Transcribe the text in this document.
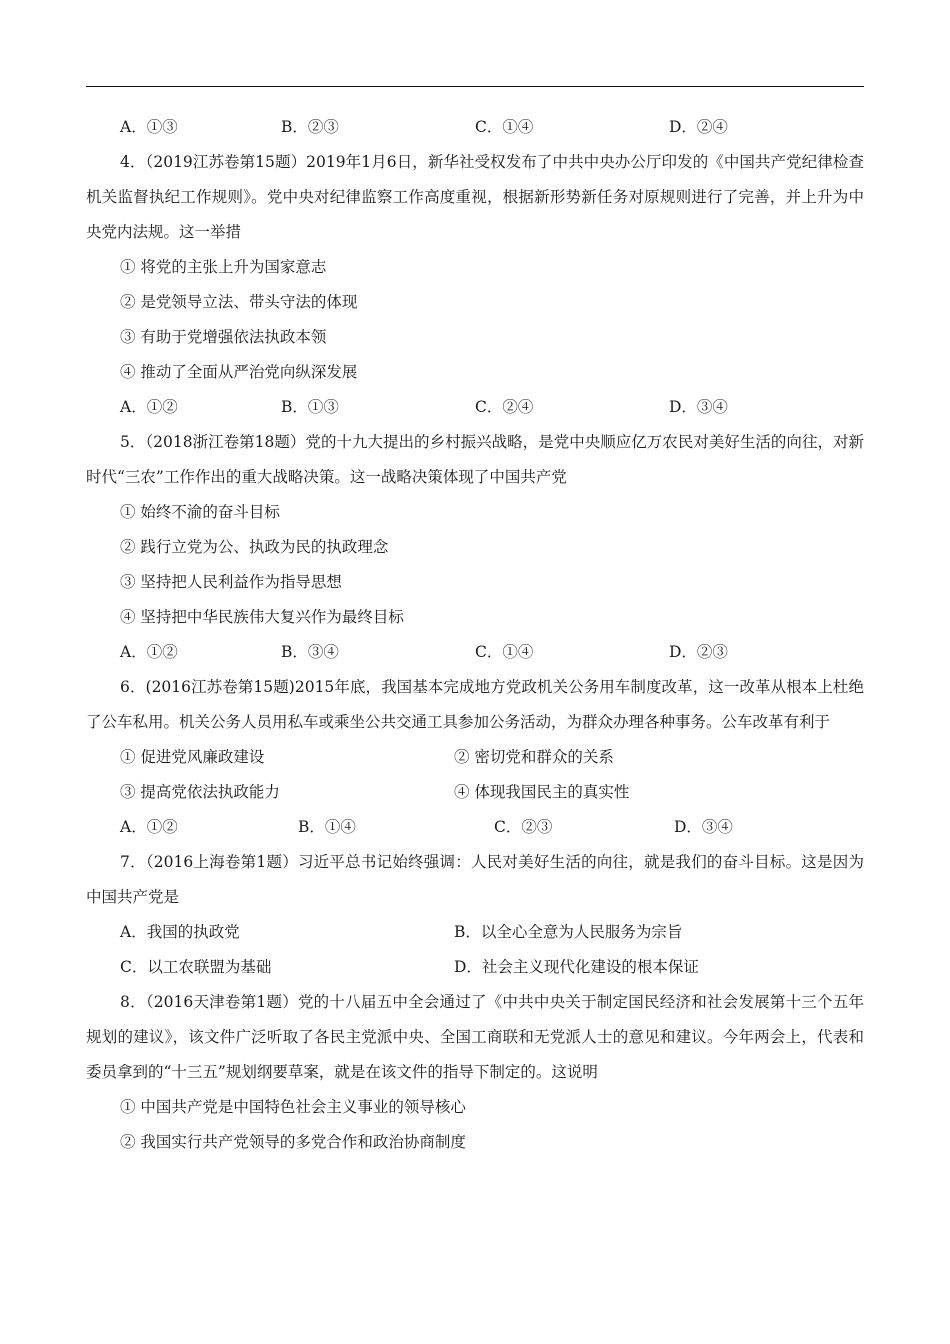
A．①③	B．②③	C．①④	D．②④
4．（2019江苏卷第15题）2019年1月6日，新华社受权发布了中共中央办公厅印发的《中国共产党纪律检查机关监督执纪工作规则》。党中央对纪律监察工作高度重视，根据新形势新任务对原规则进行了完善，并上升为中央党内法规。这一举措
① 将党的主张上升为国家意志
② 是党领导立法、带头守法的体现
③ 有助于党增强依法执政本领
④ 推动了全面从严治党向纵深发展
A．①②	B．①③	C．②④	D．③④
5．（2018浙江卷第18题）党的十九大提出的乡村振兴战略，是党中央顺应亿万农民对美好生活的向往，对新时代“三农”工作作出的重大战略决策。这一战略决策体现了中国共产党
① 始终不渝的奋斗目标
② 践行立党为公、执政为民的执政理念
③ 坚持把人民利益作为指导思想
④ 坚持把中华民族伟大复兴作为最终目标
A．①②	B．③④	C．①④	D．②③
6．(2016江苏卷第15题)2015年底，我国基本完成地方党政机关公务用车制度改革，这一改革从根本上杜绝了公车私用。机关公务人员用私车或乘坐公共交通工具参加公务活动，为群众办理各种事务。公车改革有利于
① 促进党风廉政建设	② 密切党和群众的关系
③ 提高党依法执政能力	④ 体现我国民主的真实性
A．①②	B．①④	C．②③	D．③④
7．（2016上海卷第1题）习近平总书记始终强调：人民对美好生活的向往，就是我们的奋斗目标。这是因为中国共产党是
A．我国的执政党	B．以全心全意为人民服务为宗旨
C．以工农联盟为基础	D．社会主义现代化建设的根本保证
8．（2016天津卷第1题）党的十八届五中全会通过了《中共中央关于制定国民经济和社会发展第十三个五年规划的建议》，该文件广泛听取了各民主党派中央、全国工商联和无党派人士的意见和建议。今年两会上，代表和委员拿到的“十三五”规划纲要草案，就是在该文件的指导下制定的。这说明
① 中国共产党是中国特色社会主义事业的领导核心
② 我国实行共产党领导的多党合作和政治协商制度
